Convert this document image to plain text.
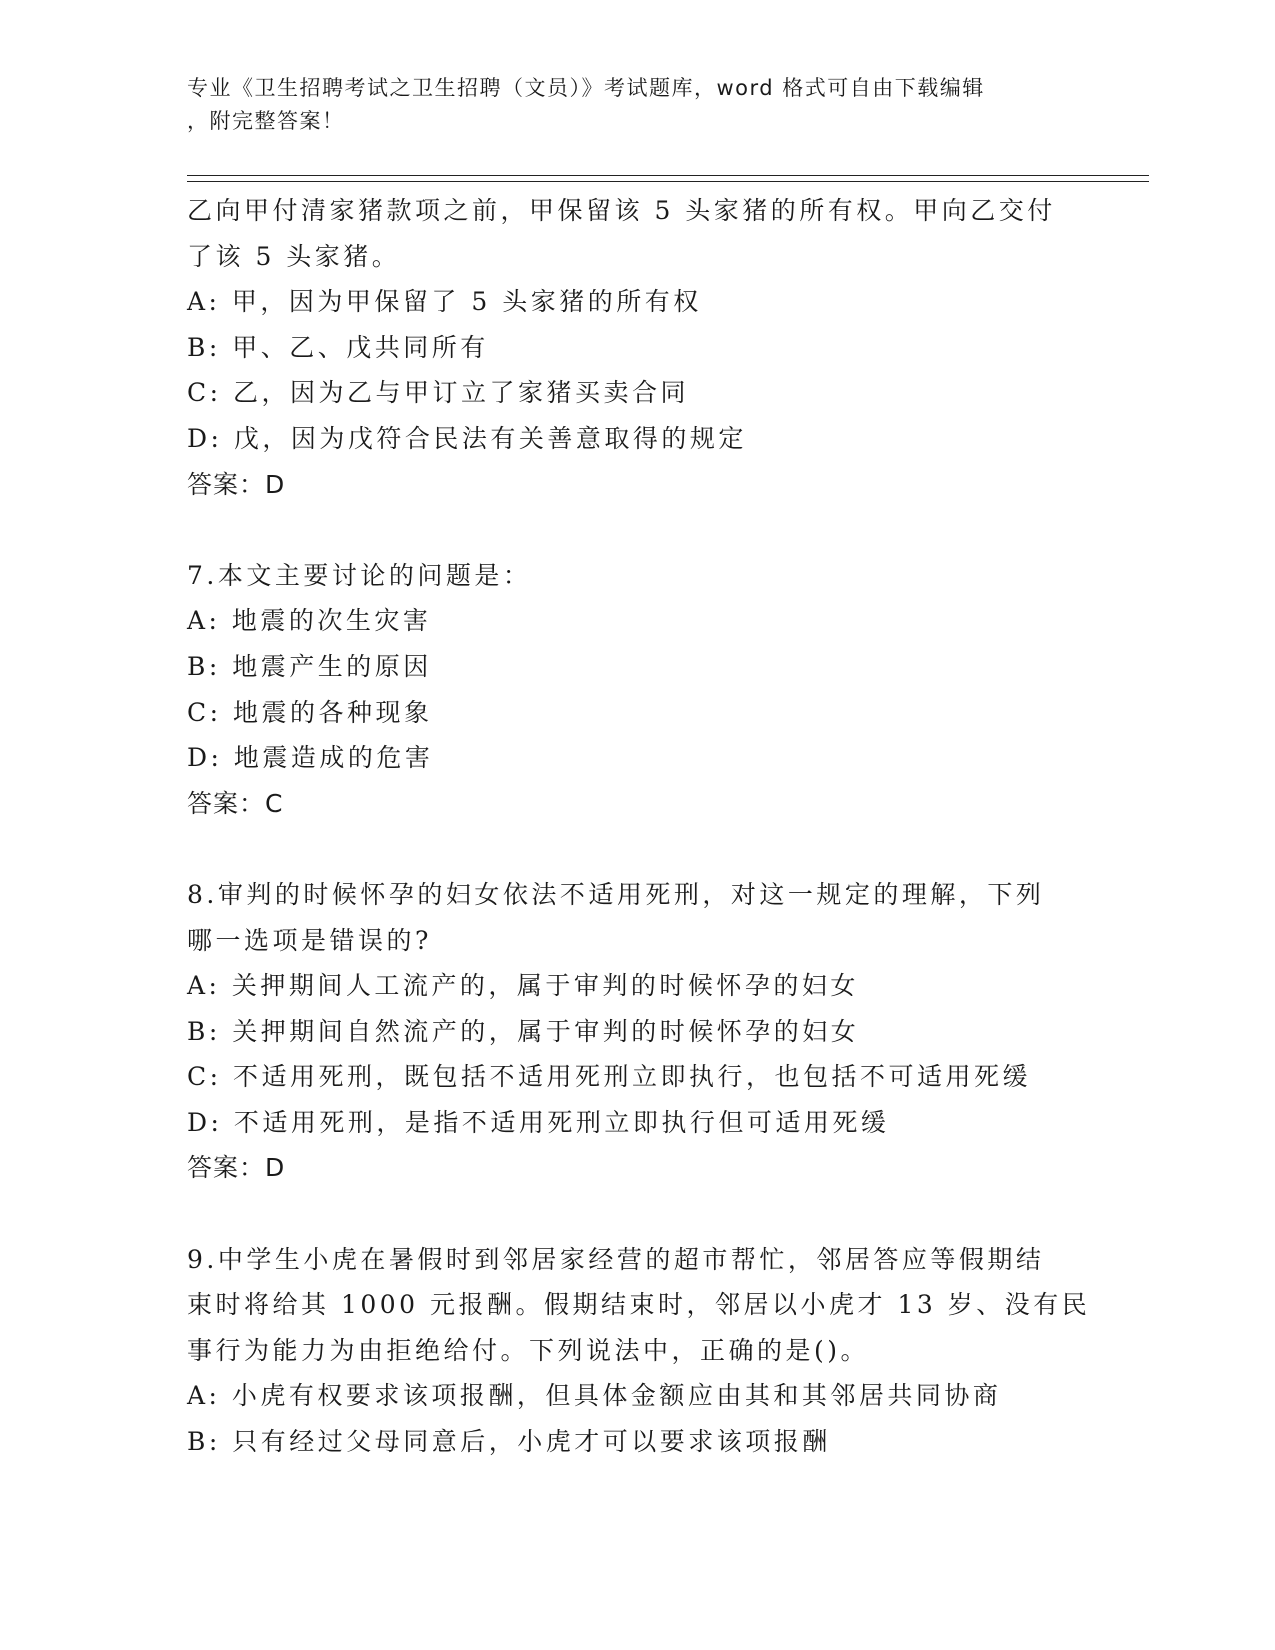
专业《卫生招聘考试之卫生招聘（文员）》考试题库，word 格式可自由下载编辑
，附完整答案！
乙向甲付清家猪款项之前，甲保留该 5 头家猪的所有权。甲向乙交付
了该 5 头家猪。
A: 甲，因为甲保留了 5 头家猪的所有权
B: 甲、乙、戊共同所有
C: 乙，因为乙与甲订立了家猪买卖合同
D: 戊，因为戊符合民法有关善意取得的规定
答案：D
7.本文主要讨论的问题是：
A: 地震的次生灾害
B: 地震产生的原因
C: 地震的各种现象
D: 地震造成的危害
答案：C
8.审判的时候怀孕的妇女依法不适用死刑，对这一规定的理解，下列
哪一选项是错误的?
A: 关押期间人工流产的，属于审判的时候怀孕的妇女
B: 关押期间自然流产的，属于审判的时候怀孕的妇女
C: 不适用死刑，既包括不适用死刑立即执行，也包括不可适用死缓
D: 不适用死刑，是指不适用死刑立即执行但可适用死缓
答案：D
9.中学生小虎在暑假时到邻居家经营的超市帮忙，邻居答应等假期结
束时将给其 1000 元报酬。假期结束时，邻居以小虎才 13 岁、没有民
事行为能力为由拒绝给付。下列说法中，正确的是()。
A: 小虎有权要求该项报酬，但具体金额应由其和其邻居共同协商
B: 只有经过父母同意后，小虎才可以要求该项报酬
